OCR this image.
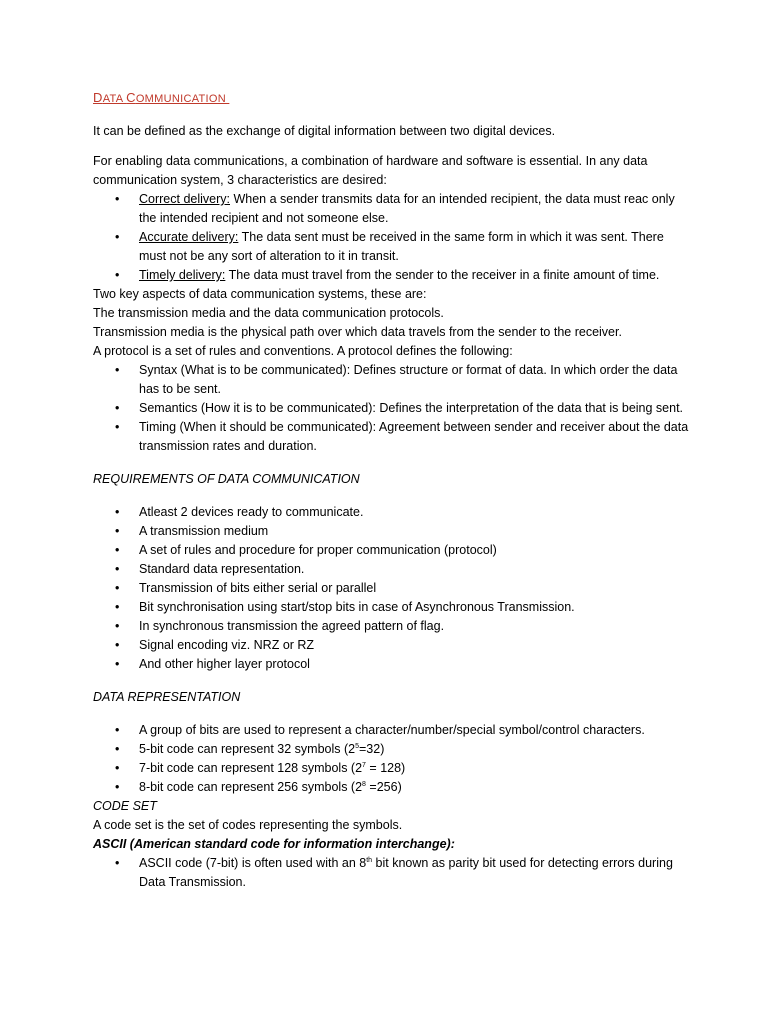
DATA COMMUNICATION

It can be defined as the exchange of digital information between two digital devices.

For enabling data communications, a combination of hardware and software is essential. In any data communication system, 3 characteristics are desired:

• Correct delivery: When a sender transmits data for an intended recipient, the data must reac only the intended recipient and not someone else.
• Accurate delivery: The data sent must be received in the same form in which it was sent. There must not be any sort of alteration to it in transit.
• Timely delivery: The data must travel from the sender to the receiver in a finite amount of time.

Two key aspects of data communication systems, these are:

The transmission media and the data communication protocols.

Transmission media is the physical path over which data travels from the sender to the receiver.

A protocol is a set of rules and conventions. A protocol defines the following:

• Syntax (What is to be communicated): Defines structure or format of data. In which order the data has to be sent.
• Semantics (How it is to be communicated): Defines the interpretation of the data that is being sent.
• Timing (When it should be communicated): Agreement between sender and receiver about the data transmission rates and duration.

REQUIREMENTS OF DATA COMMUNICATION

• Atleast 2 devices ready to communicate.
• A transmission medium
• A set of rules and procedure for proper communication (protocol)
• Standard data representation.
• Transmission of bits either serial or parallel
• Bit synchronisation using start/stop bits in case of Asynchronous Transmission.
• In synchronous transmission the agreed pattern of flag.
• Signal encoding viz. NRZ or RZ
• And other higher layer protocol

DATA REPRESENTATION

• A group of bits are used to represent a character/number/special symbol/control characters.
• 5-bit code can represent 32 symbols $(2^5=32)$
• 7-bit code can represent 128 symbols $(2^7 = 128)$
• 8-bit code can represent 256 symbols $(2^8 =256)$

CODE SET

A code set is the set of codes representing the symbols.

ASCII (American standard code for information interchange):

• ASCII code (7-bit) is often used with an 8th bit known as parity bit used for detecting errors during Data Transmission.
